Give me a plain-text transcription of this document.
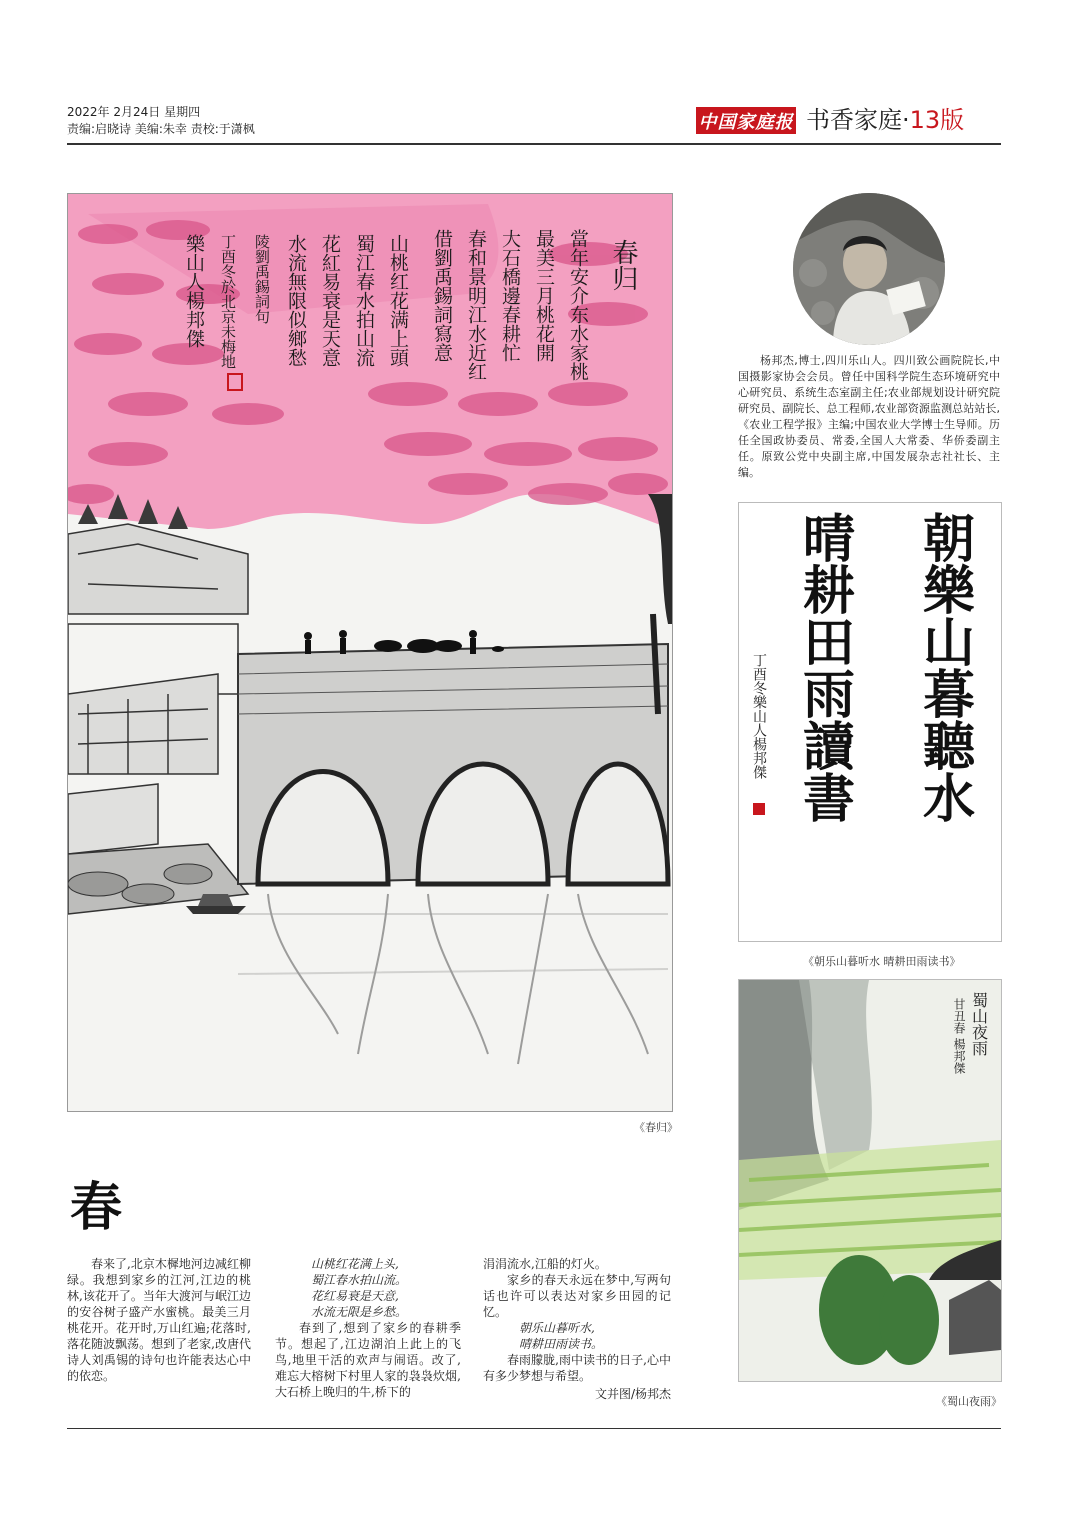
2022年 2月24日 星期四
责编:启晓诗 美编:朱幸 责校:于潇枫	中国家庭报 书香家庭·13版
春归
當年安介东水家桃
最美三月桃花開
大石橋邊春耕忙
春和景明江水近红
借劉禹錫詞寫意
山桃红花满上頭
蜀江春水拍山流
花紅易衰是天意
水流無限似鄉愁
陵劉禹錫詞句
丁酉冬於北京未梅地
樂山人楊邦傑
《春归》
春

春来了,北京木樨地河边减红柳绿。我想到家乡的江河,江边的桃林,该花开了。当年大渡河与岷江边的安谷树子盛产水蜜桃。最美三月桃花开。花开时,万山红遍;花落时,落花随波飘荡。想到了老家,改唐代诗人刘禹锡的诗句也许能表达心中的依恋。

山桃红花满上头,

蜀江春水拍山流。

花红易衰是天意,

水流无限是乡愁。

春到了,想到了家乡的春耕季节。想起了,江边湖泊上此上的飞鸟,地里干活的欢声与闹语。改了,难忘大榕树下村里人家的袅袅炊烟,大石桥上晚归的牛,桥下的

涓涓流水,江船的灯火。

家乡的春天永远在梦中,写两句话也许可以表达对家乡田园的记忆。

朝乐山暮听水,

晴耕田雨读书。

春雨朦胧,雨中读书的日子,心中有多少梦想与希望。

文并图/杨邦杰

杨邦杰,博士,四川乐山人。四川致公画院院长,中国摄影家协会会员。曾任中国科学院生态环境研究中心研究员、系统生态室副主任;农业部规划设计研究院研究员、副院长、总工程师,农业部资源监测总站站长,《农业工程学报》主编;中国农业大学博士生导师。历任全国政协委员、常委,全国人大常委、华侨委副主任。原致公党中央副主席,中国发展杂志社社长、主编。

朝樂山暮聽水
晴耕田雨讀書
丁酉冬樂山人楊邦傑
《朝乐山暮听水 晴耕田雨读书》
蜀山夜雨
甘丑春 楊邦傑
《蜀山夜雨》
